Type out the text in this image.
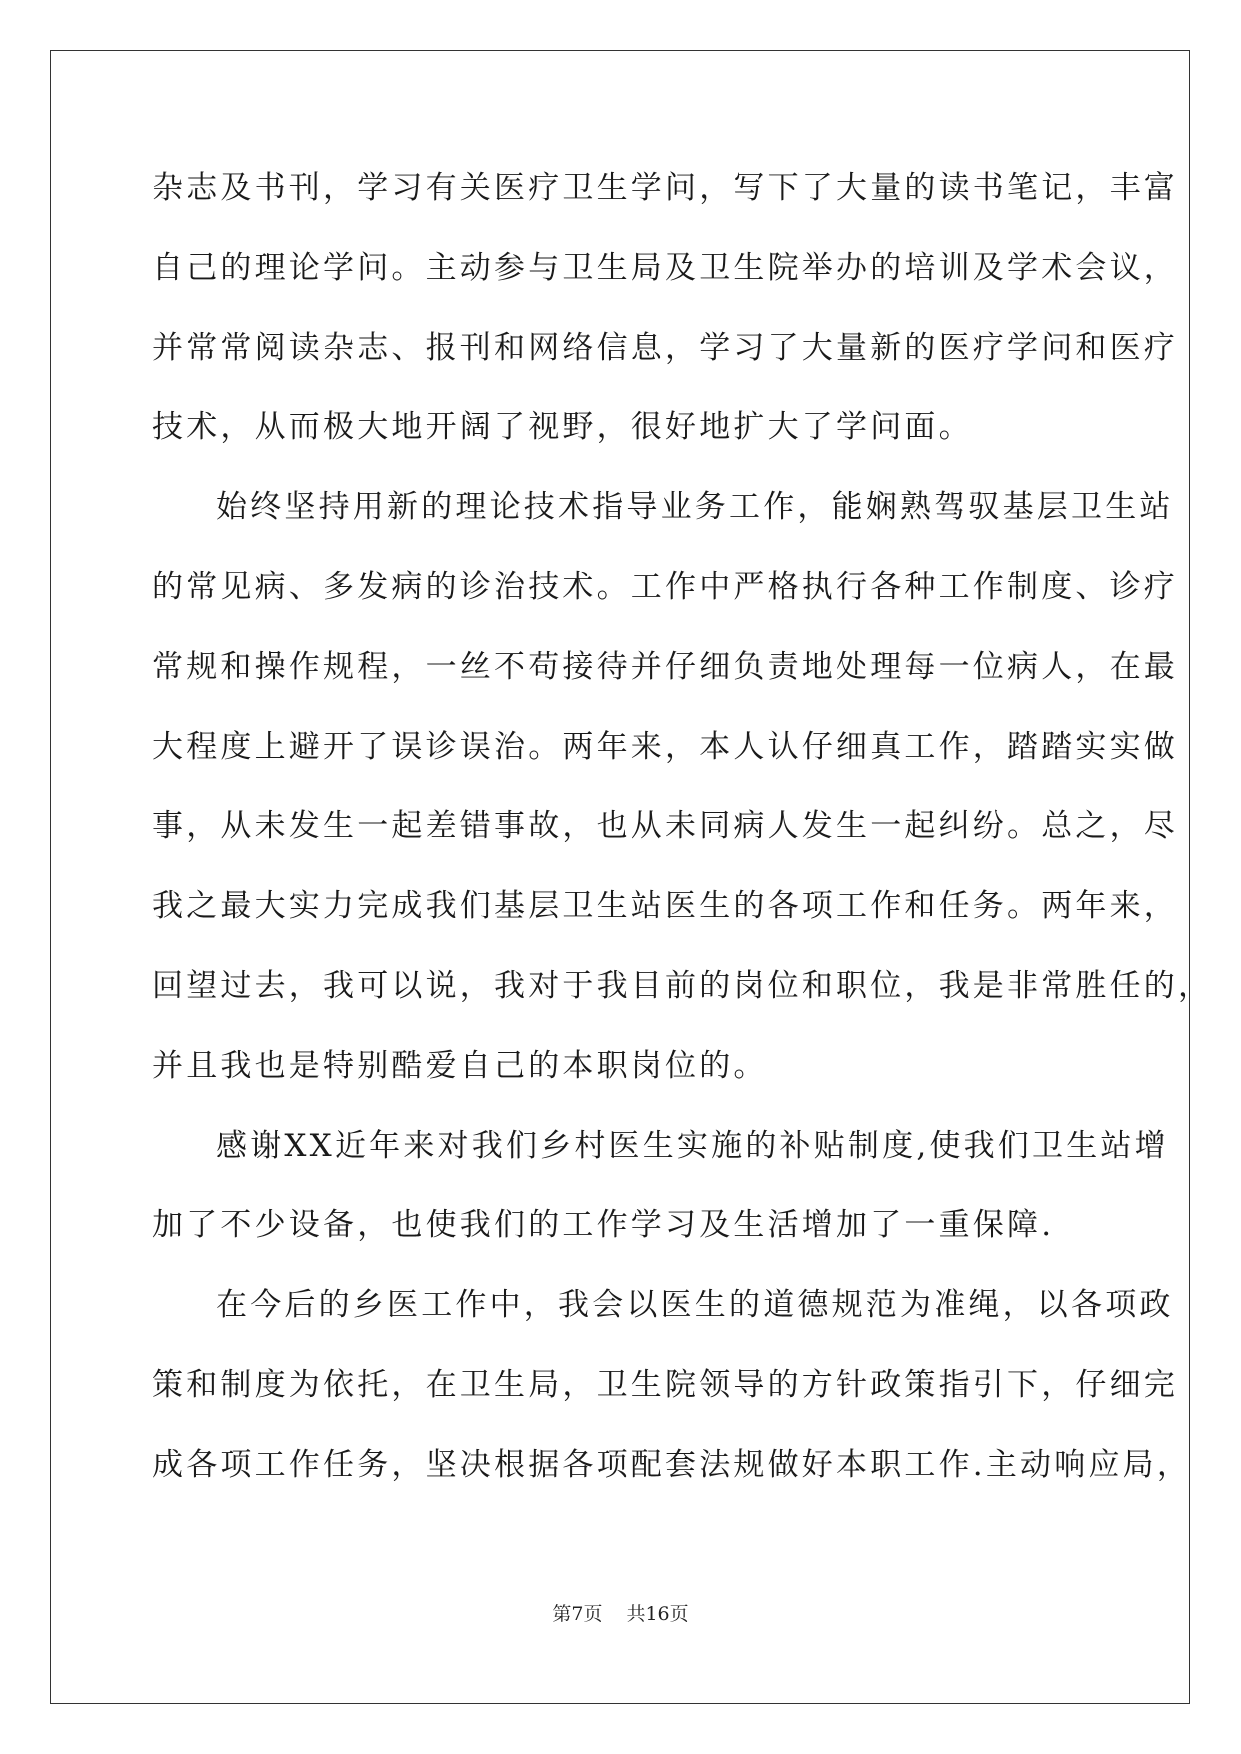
杂志及书刊，学习有关医疗卫生学问，写下了大量的读书笔记，丰富
自己的理论学问。主动参与卫生局及卫生院举办的培训及学术会议，
并常常阅读杂志、报刊和网络信息，学习了大量新的医疗学问和医疗
技术，从而极大地开阔了视野，很好地扩大了学问面。
始终坚持用新的理论技术指导业务工作，能娴熟驾驭基层卫生站
的常见病、多发病的诊治技术。工作中严格执行各种工作制度、诊疗
常规和操作规程，一丝不苟接待并仔细负责地处理每一位病人，在最
大程度上避开了误诊误治。两年来，本人认仔细真工作，踏踏实实做
事，从未发生一起差错事故，也从未同病人发生一起纠纷。总之，尽
我之最大实力完成我们基层卫生站医生的各项工作和任务。两年来，
回望过去，我可以说，我对于我目前的岗位和职位，我是非常胜任的，
并且我也是特别酷爱自己的本职岗位的。
感谢XX近年来对我们乡村医生实施的补贴制度,使我们卫生站增
加了不少设备，也使我们的工作学习及生活增加了一重保障.
在今后的乡医工作中，我会以医生的道德规范为准绳，以各项政
策和制度为依托，在卫生局，卫生院领导的方针政策指引下，仔细完
成各项工作任务，坚决根据各项配套法规做好本职工作.主动响应局，
第7页 共16页
